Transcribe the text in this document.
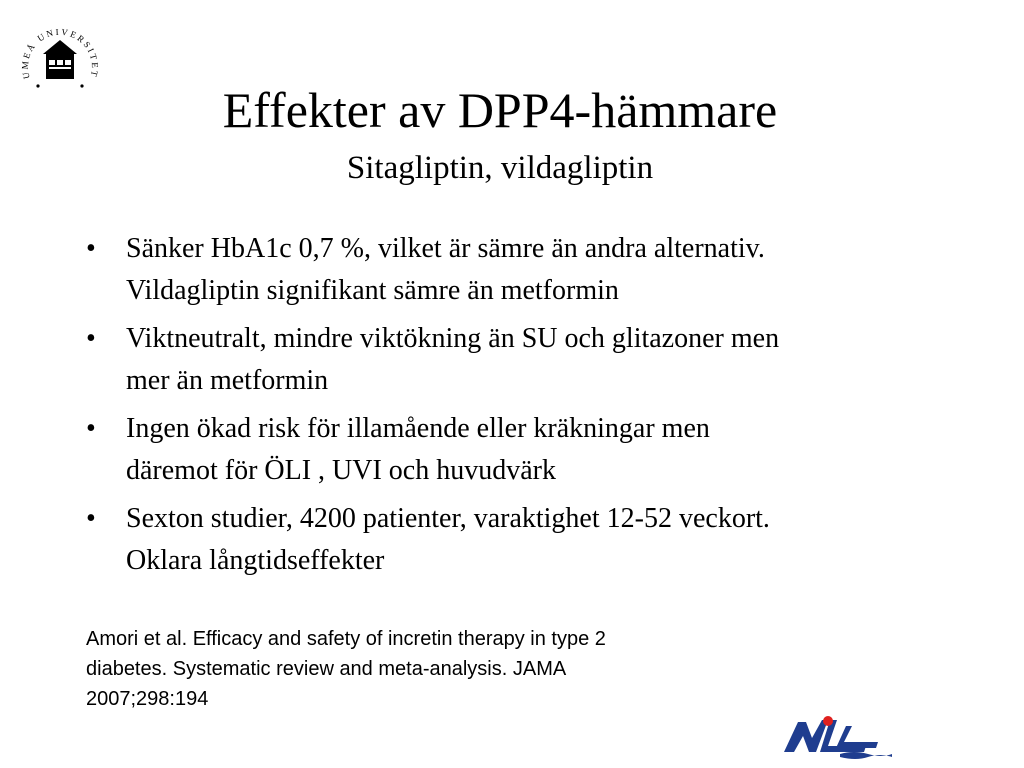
UMEÅ UNIVERSITET
Effekter av DPP4-hämmare
Sitagliptin, vildagliptin
• Sänker HbA1c 0,7 %, vilket är sämre än andra alternativ.
Vildagliptin signifikant sämre än metformin
• Viktneutralt, mindre viktökning än SU och glitazoner men
mer än metformin
• Ingen ökad risk för illamående eller kräkningar men
däremot för ÖLI , UVI och huvudvärk
• Sexton studier, 4200 patienter, varaktighet 12-52 veckort.
Oklara långtidseffekter
Amori et al. Efficacy and safety of incretin therapy in type 2
diabetes. Systematic review and meta-analysis. JAMA
2007;298:194
